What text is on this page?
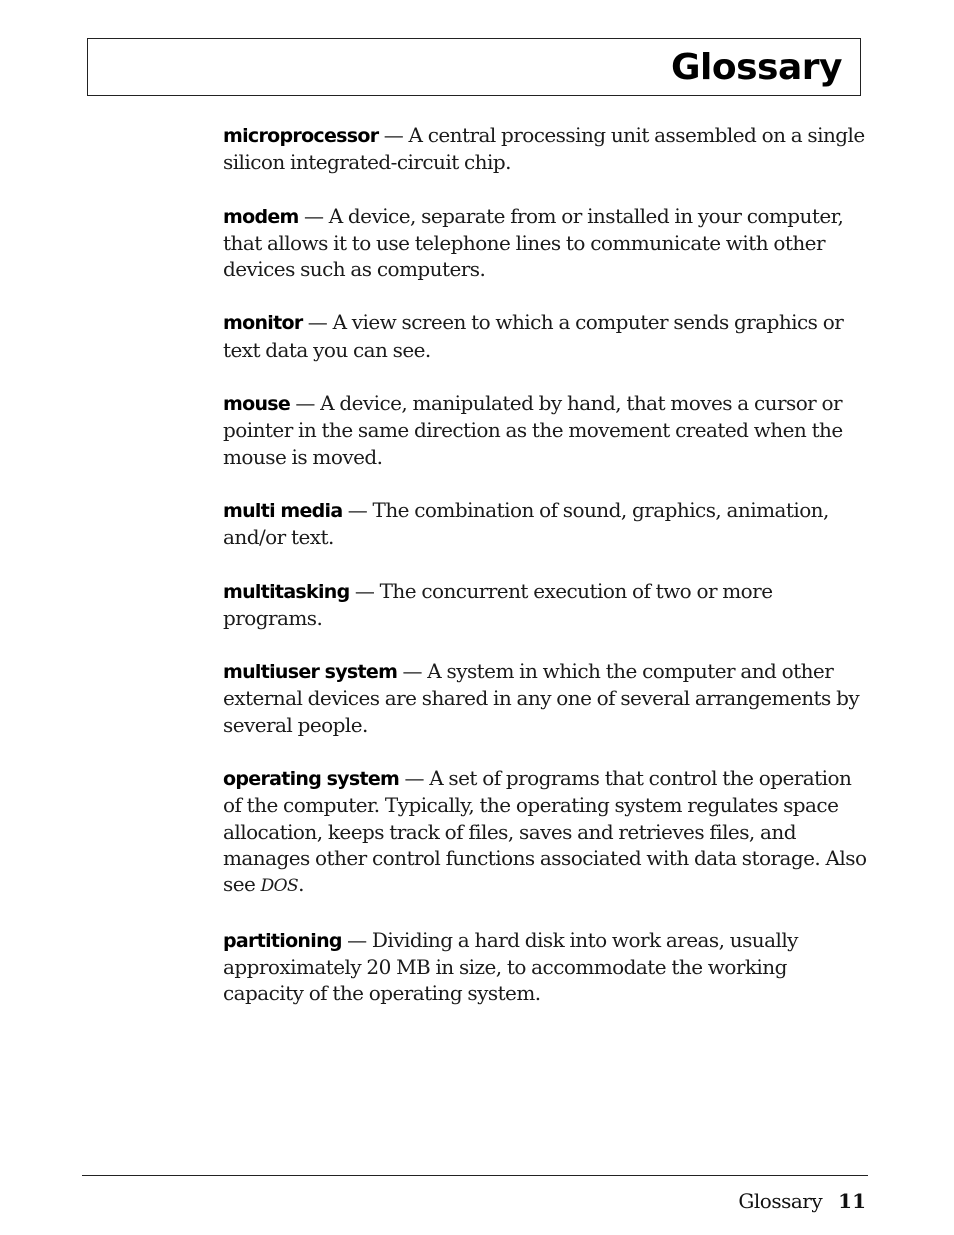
Glossary

microprocessor — A central processing unit assembled on a single silicon integrated-circuit chip.

modem — A device, separate from or installed in your computer, that allows it to use telephone lines to communicate with other devices such as computers.

monitor — A view screen to which a computer sends graphics or text data you can see.

mouse — A device, manipulated by hand, that moves a cursor or pointer in the same direction as the movement created when the mouse is moved.

multi media — The combination of sound, graphics, animation, and/or text.

multitasking — The concurrent execution of two or more programs.

multiuser system — A system in which the computer and other external devices are shared in any one of several arrangements by several people.

operating system — A set of programs that control the operation of the computer. Typically, the operating system regulates space allocation, keeps track of files, saves and retrieves files, and manages other control functions associated with data storage. Also see DOS.

partitioning — Dividing a hard disk into work areas, usually approximately 20 MB in size, to accommodate the working capacity of the operating system.

Glossary 11
